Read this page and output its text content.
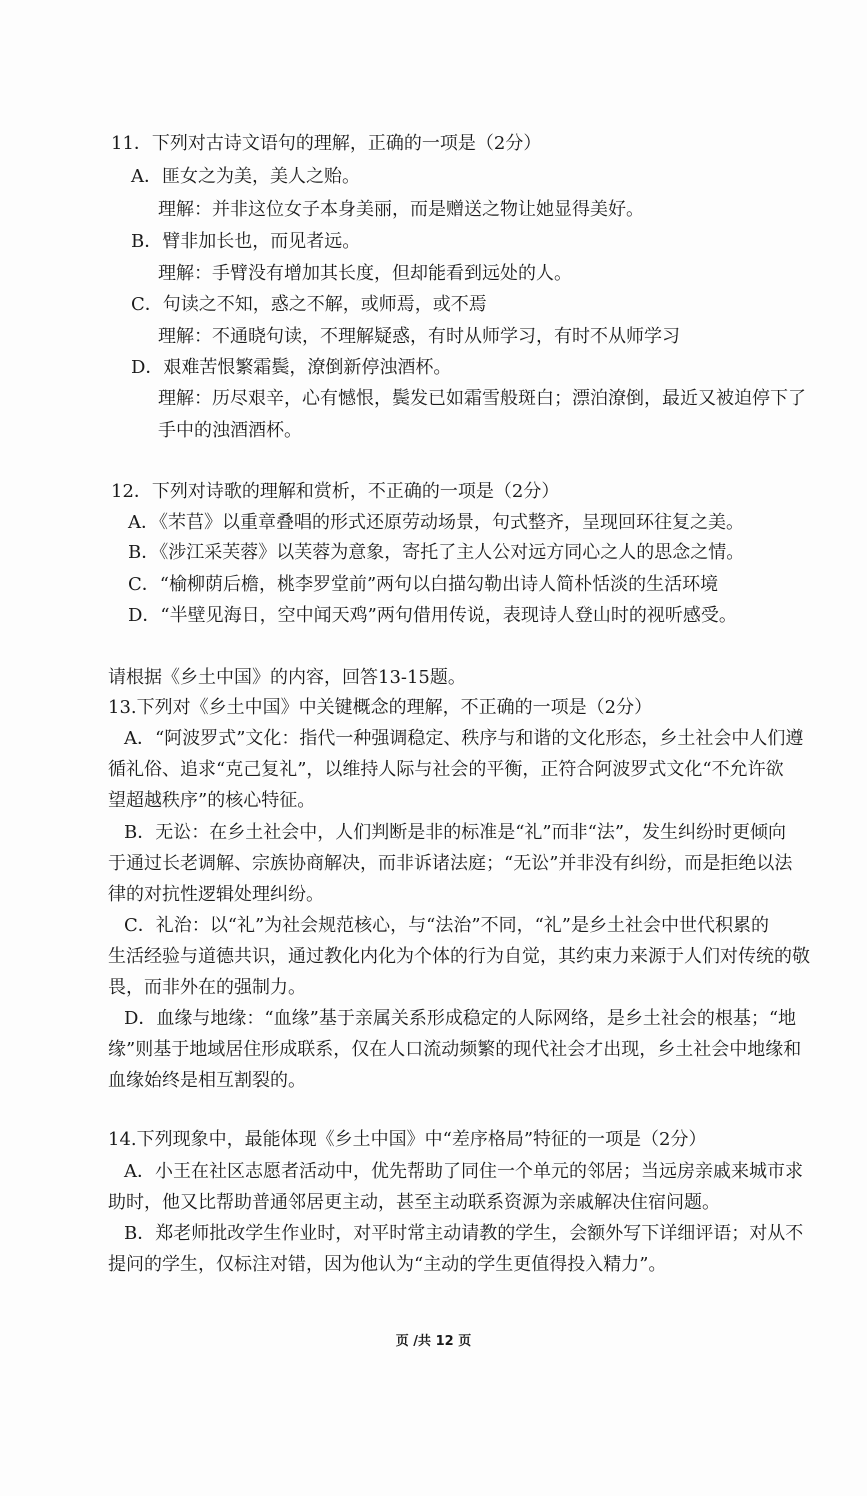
11．下列对古诗文语句的理解，正确的一项是（2分）
A．匪女之为美，美人之贻。
理解：并非这位女子本身美丽，而是赠送之物让她显得美好。
B．臂非加长也，而见者远。
理解：手臂没有增加其长度，但却能看到远处的人。
C．句读之不知，惑之不解，或师焉，或不焉
理解：不通晓句读，不理解疑惑，有时从师学习，有时不从师学习
D．艰难苦恨繁霜鬓，潦倒新停浊酒杯。
理解：历尽艰辛，心有憾恨，鬓发已如霜雪般斑白；漂泊潦倒，最近又被迫停下了
手中的浊酒酒杯。
12．下列对诗歌的理解和赏析，不正确的一项是（2分）
A．《芣苢》以重章叠唱的形式还原劳动场景，句式整齐，呈现回环往复之美。
B．《涉江采芙蓉》以芙蓉为意象，寄托了主人公对远方同心之人的思念之情。
C．“榆柳荫后檐，桃李罗堂前”两句以白描勾勒出诗人简朴恬淡的生活环境
D．“半壁见海日，空中闻天鸡”两句借用传说，表现诗人登山时的视听感受。
请根据《乡土中国》的内容，回答13-15题。
13.下列对《乡土中国》中关键概念的理解，不正确的一项是（2分）
A．“阿波罗式”文化：指代一种强调稳定、秩序与和谐的文化形态，乡土社会中人们遵
循礼俗、追求“克己复礼”，以维持人际与社会的平衡，正符合阿波罗式文化“不允许欲
望超越秩序”的核心特征。
B．无讼：在乡土社会中，人们判断是非的标准是“礼”而非“法”，发生纠纷时更倾向
于通过长老调解、宗族协商解决，而非诉诸法庭；“无讼”并非没有纠纷，而是拒绝以法
律的对抗性逻辑处理纠纷。
C．礼治：以“礼”为社会规范核心，与“法治”不同，“礼”是乡土社会中世代积累的
生活经验与道德共识，通过教化内化为个体的行为自觉，其约束力来源于人们对传统的敬
畏，而非外在的强制力。
D．血缘与地缘：“血缘”基于亲属关系形成稳定的人际网络，是乡土社会的根基；“地
缘”则基于地域居住形成联系，仅在人口流动频繁的现代社会才出现，乡土社会中地缘和
血缘始终是相互割裂的。
14.下列现象中，最能体现《乡土中国》中“差序格局”特征的一项是（2分）
A．小王在社区志愿者活动中，优先帮助了同住一个单元的邻居；当远房亲戚来城市求
助时，他又比帮助普通邻居更主动，甚至主动联系资源为亲戚解决住宿问题。
B．郑老师批改学生作业时，对平时常主动请教的学生，会额外写下详细评语；对从不
提问的学生，仅标注对错，因为他认为“主动的学生更值得投入精力”。
页 /共 12 页
